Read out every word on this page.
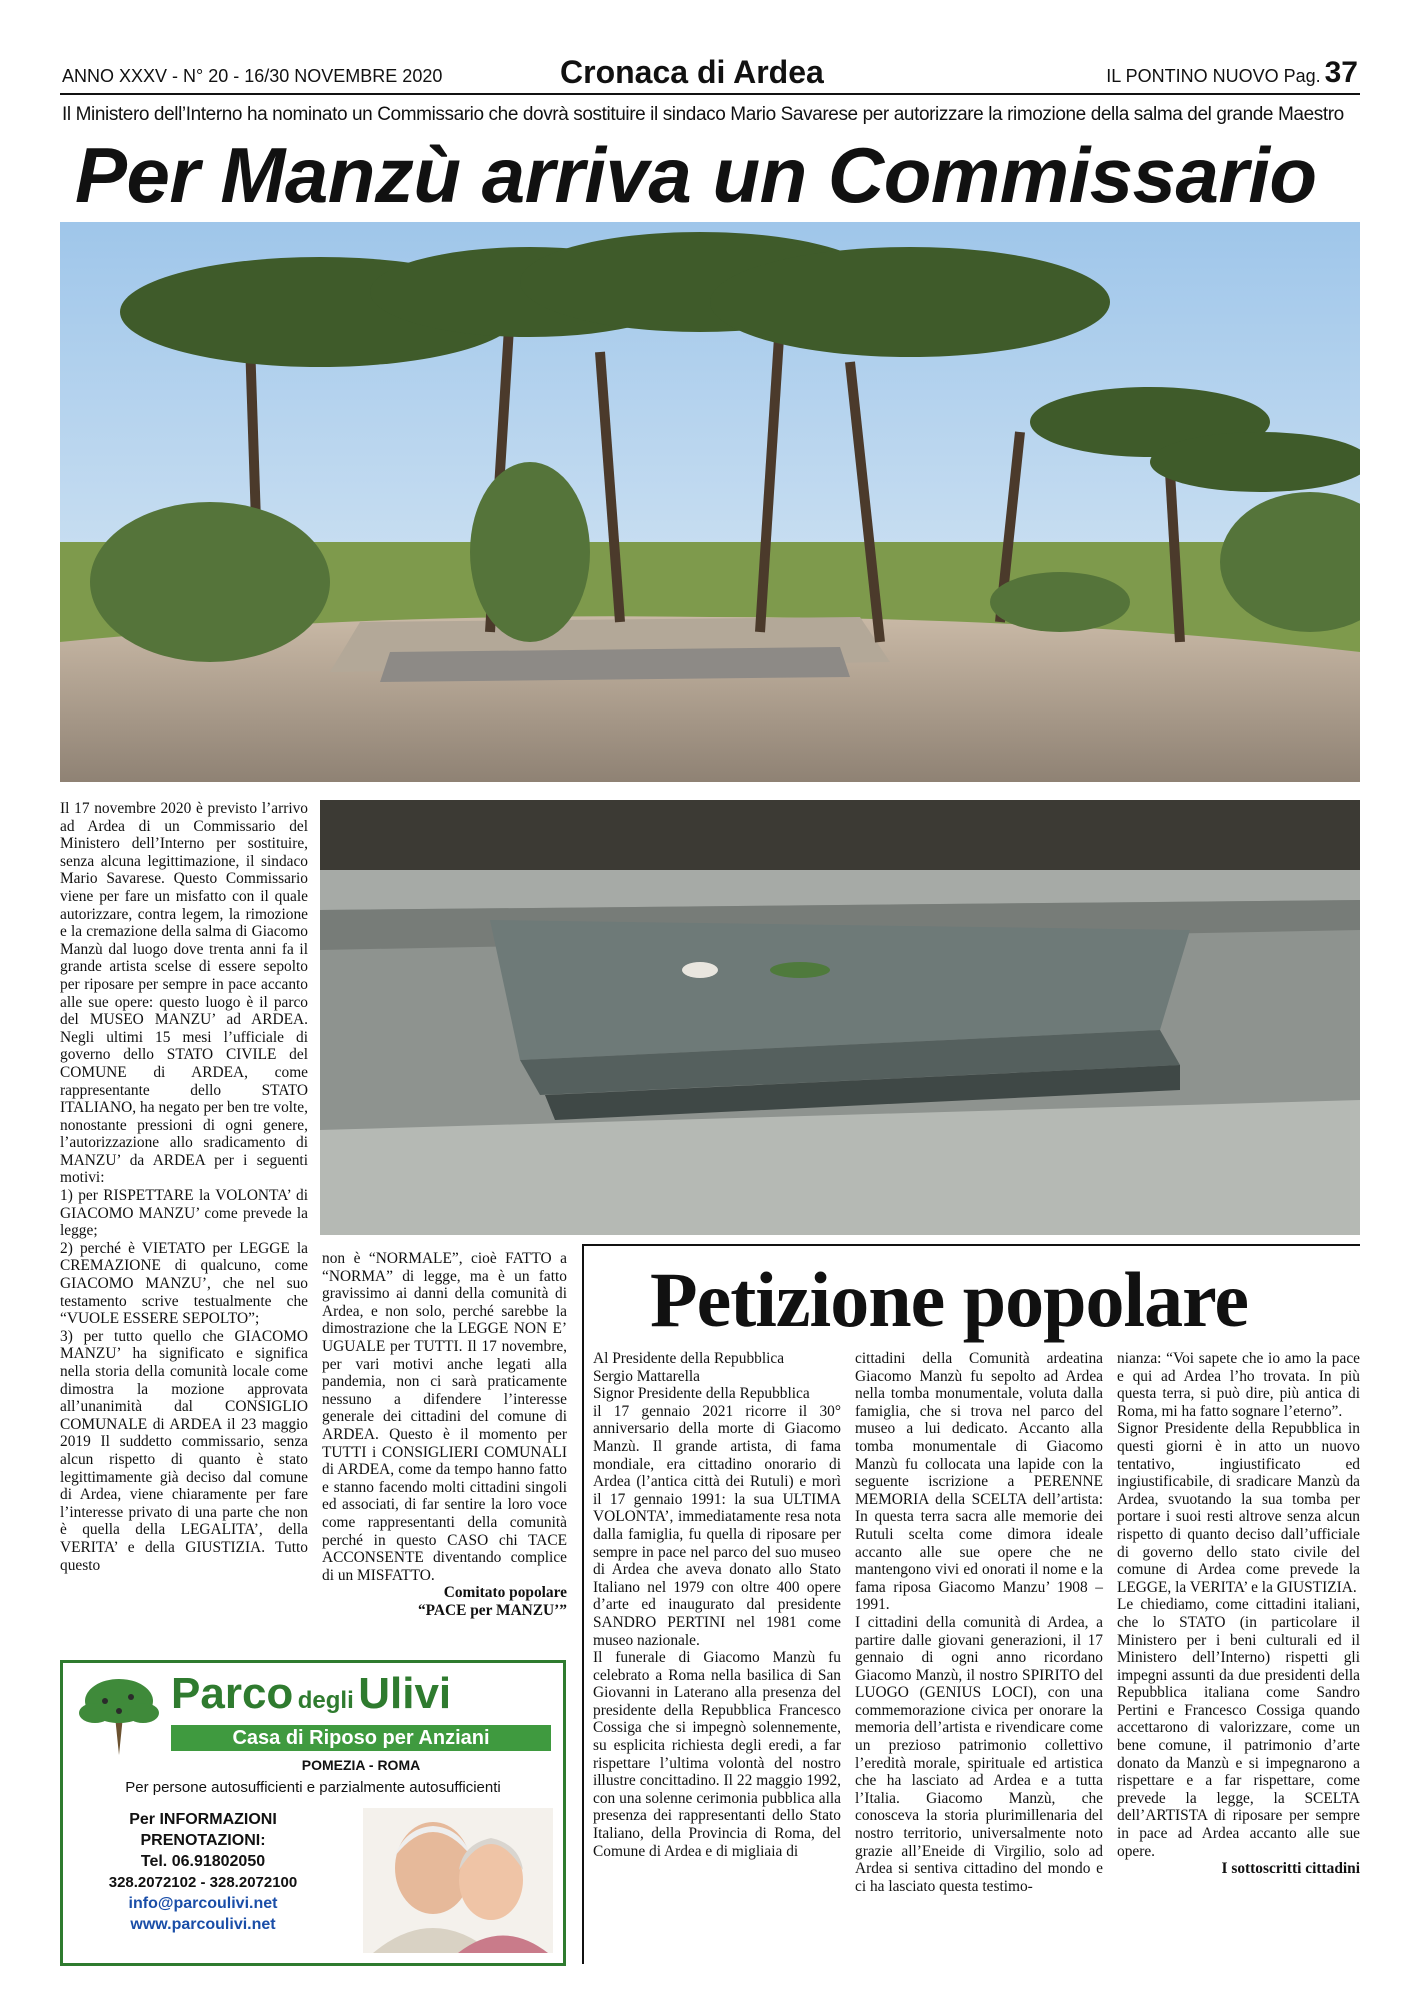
ANNO XXXV - N° 20 - 16/30 NOVEMBRE 2020	Cronaca di Ardea	IL PONTINO NUOVO Pag. 37
Il Ministero dell’Interno ha nominato un Commissario che dovrà sostituire il sindaco Mario Savarese per autorizzare la rimozione della salma del grande Maestro
Per Manzù arriva un Commissario

Il 17 novembre 2020 è previsto l’arrivo ad Ardea di un Commissario del Ministero dell’Interno per sostituire, senza alcuna legittimazione, il sindaco Mario Savarese. Questo Commissario viene per fare un misfatto con il quale autorizzare, contra legem, la rimozione e la cremazione della salma di Giacomo Manzù dal luogo dove trenta anni fa il grande artista scelse di essere sepolto per riposare per sempre in pace accanto alle sue opere: questo luogo è il parco del MUSEO MANZU’ ad ARDEA. Negli ultimi 15 mesi l’ufficiale di governo dello STATO CIVILE del COMUNE di ARDEA, come rappresentante dello STATO ITALIANO, ha negato per ben tre volte, nonostante pressioni di ogni genere, l’autorizzazione allo sradicamento di MANZU’ da ARDEA per i seguenti motivi:

1) per RISPETTARE la VOLONTA’ di GIACOMO MANZU’ come prevede la legge;

2) perché è VIETATO per LEGGE la CREMAZIONE di qualcuno, come GIACOMO MANZU’, che nel suo testamento scrive testualmente che “VUOLE ESSERE SEPOLTO”;

3) per tutto quello che GIACOMO MANZU’ ha significato e significa nella storia della comunità locale come dimostra la mozione approvata all’unanimità dal CONSIGLIO COMUNALE di ARDEA il 23 maggio 2019 Il suddetto commissario, senza alcun rispetto di quanto è stato legittimamente già deciso dal comune di Ardea, viene chiaramente per fare l’interesse privato di una parte che non è quella della LEGALITA’, della VERITA’ e della GIUSTIZIA. Tutto questo

non è “NORMALE”, cioè FATTO a “NORMA” di legge, ma è un fatto gravissimo ai danni della comunità di Ardea, e non solo, perché sarebbe la dimostrazione che la LEGGE NON E’ UGUALE per TUTTI. Il 17 novembre, per vari motivi anche legati alla pandemia, non ci sarà praticamente nessuno a difendere l’interesse generale dei cittadini del comune di ARDEA. Questo è il momento per TUTTI i CONSIGLIERI COMUNALI di ARDEA, come da tempo hanno fatto e stanno facendo molti cittadini singoli ed associati, di far sentire la loro voce come rappresentanti della comunità perché in questo CASO chi TACE ACCONSENTE diventando complice di un MISFATTO.

Comitato popolare

“PACE per MANZU’”

Petizione popolare

Al Presidente della Repubblica
Sergio Mattarella
Signor Presidente della Repubblica

il 17 gennaio 2021 ricorre il 30° anniversario della morte di Giacomo Manzù. Il grande artista, di fama mondiale, era cittadino onorario di Ardea (l’antica città dei Rutuli) e morì il 17 gennaio 1991: la sua ULTIMA VOLONTA’, immediatamente resa nota dalla famiglia, fu quella di riposare per sempre in pace nel parco del suo museo di Ardea che aveva donato allo Stato Italiano nel 1979 con oltre 400 opere d’arte ed inaugurato dal presidente SANDRO PERTINI nel 1981 come museo nazionale.

Il funerale di Giacomo Manzù fu celebrato a Roma nella basilica di San Giovanni in Laterano alla presenza del presidente della Repubblica Francesco Cossiga che si impegnò solennemente, su esplicita richiesta degli eredi, a far rispettare l’ultima volontà del nostro illustre concittadino. Il 22 maggio 1992, con una solenne cerimonia pubblica alla presenza dei rappresentanti dello Stato Italiano, della Provincia di Roma, del Comune di Ardea e di migliaia di

cittadini della Comunità ardeatina Giacomo Manzù fu sepolto ad Ardea nella tomba monumentale, voluta dalla famiglia, che si trova nel parco del museo a lui dedicato. Accanto alla tomba monumentale di Giacomo Manzù fu collocata una lapide con la seguente iscrizione a PERENNE MEMORIA della SCELTA dell’artista: In questa terra sacra alle memorie dei Rutuli scelta come dimora ideale accanto alle sue opere che ne mantengono vivi ed onorati il nome e la fama riposa Giacomo Manzu’ 1908 – 1991.

I cittadini della comunità di Ardea, a partire dalle giovani generazioni, il 17 gennaio di ogni anno ricordano Giacomo Manzù, il nostro SPIRITO del LUOGO (GENIUS LOCI), con una commemorazione civica per onorare la memoria dell’artista e rivendicare come un prezioso patrimonio collettivo l’eredità morale, spirituale ed artistica che ha lasciato ad Ardea e a tutta l’Italia. Giacomo Manzù, che conosceva la storia plurimillenaria del nostro territorio, universalmente noto grazie all’Eneide di Virgilio, solo ad Ardea si sentiva cittadino del mondo e ci ha lasciato questa testimo-

nianza: “Voi sapete che io amo la pace e qui ad Ardea l’ho trovata. In più questa terra, si può dire, più antica di Roma, mi ha fatto sognare l’eterno”.

Signor Presidente della Repubblica in questi giorni è in atto un nuovo tentativo, ingiustificato ed ingiustificabile, di sradicare Manzù da Ardea, svuotando la sua tomba per portare i suoi resti altrove senza alcun rispetto di quanto deciso dall’ufficiale di governo dello stato civile del comune di Ardea come prevede la LEGGE, la VERITA’ e la GIUSTIZIA.

Le chiediamo, come cittadini italiani, che lo STATO (in particolare il Ministero per i beni culturali ed il Ministero dell’Interno) rispetti gli impegni assunti da due presidenti della Repubblica italiana come Sandro Pertini e Francesco Cossiga quando accettarono di valorizzare, come un bene comune, il patrimonio d’arte donato da Manzù e si impegnarono a rispettare e a far rispettare, come prevede la legge, la SCELTA dell’ARTISTA di riposare per sempre in pace ad Ardea accanto alle sue opere.

I sottoscritti cittadini

Parco degli Ulivi
Casa di Riposo per Anziani
POMEZIA - ROMA
Per persone autosufficienti e parzialmente autosufficienti
Per INFORMAZIONI
PRENOTAZIONI:
Tel. 06.91802050
328.2072102 - 328.2072100
info@parcoulivi.net
www.parcoulivi.net
